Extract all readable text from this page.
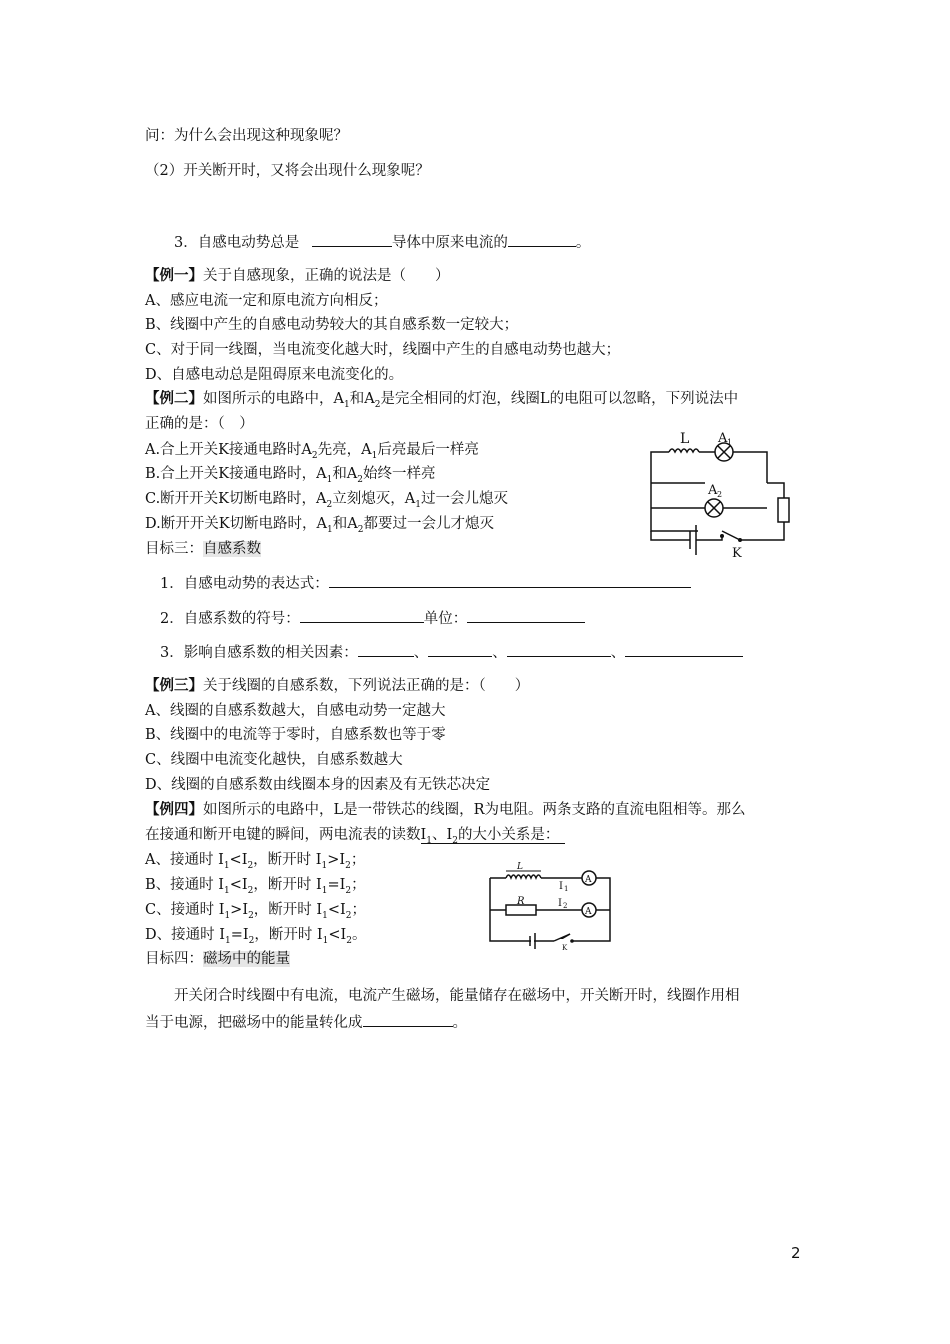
问：为什么会出现这种现象呢？
（2）开关断开时，又将会出现什么现象呢？
3．自感电动势总是	导体中原来电流的	。
【例一】关于自感现象，正确的说法是（　　）
A、感应电流一定和原电流方向相反；
B、线圈中产生的自感电动势较大的其自感系数一定较大；
C、对于同一线圈，当电流变化越大时，线圈中产生的自感电动势也越大；
D、自感电动总是阻碍原来电流变化的。
【例二】如图所示的电路中，$A_1$和$A_2$是完全相同的灯泡，线圈L的电阻可以忽略，下列说法中
正确的是：（　）
A.合上开关K接通电路时$A_2$先亮，$A_1$后亮最后一样亮
B.合上开关K接通电路时，$A_1$和$A_2$始终一样亮
C.断开开关K切断电路时，$A_2$立刻熄灭，$A_1$过一会儿熄灭
D.断开开关K切断电路时，$A_1$和$A_2$都要过一会儿才熄灭
L A 1
A 2
K
目标三：自感系数
1．自感电动势的表达式：
2．自感系数的符号：	单位：
3．影响自感系数的相关因素：	、	、	、
【例三】关于线圈的自感系数，下列说法正确的是：（　　）
A、线圈的自感系数越大，自感电动势一定越大
B、线圈中的电流等于零时，自感系数也等于零
C、线圈中电流变化越快，自感系数越大
D、线圈的自感系数由线圈本身的因素及有无铁芯决定
【例四】如图所示的电路中，L是一带铁芯的线圈，R为电阻。两条支路的直流电阻相等。那么
在接通和断开电键的瞬间，两电流表的读数$I_1$、$I_2$的大小关系是：
A、接通时 $I_1<I_2$，断开时 $I_1>I_2$；
B、接通时 $I_1<I_2$，断开时 $I_1=I_2$；
C、接通时 $I_1>I_2$，断开时 $I_1<I_2$；
D、接通时 $I_1=I_2$，断开时 $I_1<I_2$。
L
R
I 1
I 2
A
A
K
目标四：磁场中的能量
开关闭合时线圈中有电流，电流产生磁场，能量储存在磁场中，开关断开时，线圈作用相
当于电源，把磁场中的能量转化成	。
2
